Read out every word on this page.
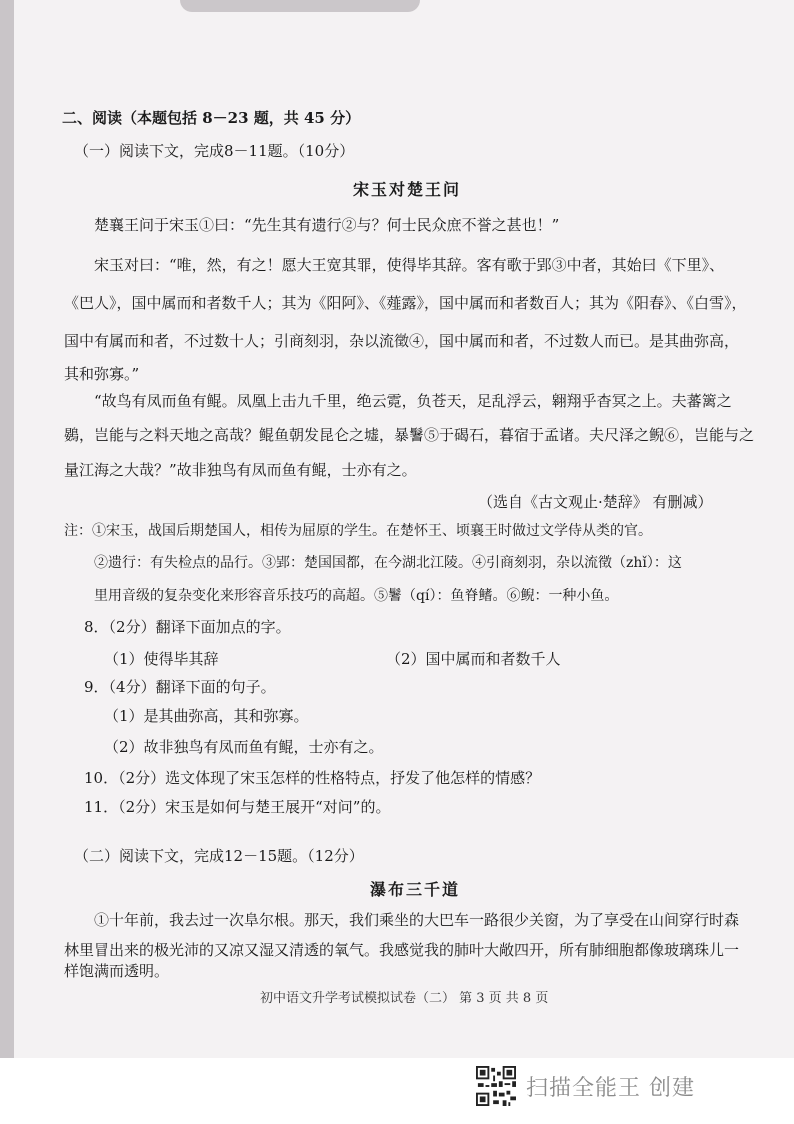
二、阅读（本题包括 8－23 题，共 45 分）
（一）阅读下文，完成8－11题。（10分）
宋玉对楚王问
楚襄王问于宋玉①曰：“先生其有遗行②与？何士民众庶不誉之甚也！”
宋玉对曰：“唯，然，有之！愿大王宽其罪，使得毕其辞。客有歌于郢③中者，其始曰《下里》、
《巴人》，国中属而和者数千人；其为《阳阿》、《薤露》，国中属而和者数百人；其为《阳春》、《白雪》，
国中有属而和者，不过数十人；引商刻羽，杂以流徵④，国中属而和者，不过数人而已。是其曲弥高，
其和弥寡。”
“故鸟有凤而鱼有鲲。凤凰上击九千里，绝云霓，负苍天，足乱浮云，翱翔乎杳冥之上。夫蕃篱之
鷃，岂能与之料天地之高哉？鲲鱼朝发昆仑之墟，暴鬐⑤于碣石，暮宿于孟诸。夫尺泽之鲵⑥，岂能与之
量江海之大哉？”故非独鸟有凤而鱼有鲲，士亦有之。
（选自《古文观止·楚辞》 有删减）
注：①宋玉，战国后期楚国人，相传为屈原的学生。在楚怀王、顷襄王时做过文学侍从类的官。
②遗行：有失检点的品行。③郢：楚国国都，在今湖北江陵。④引商刻羽，杂以流徵（zhǐ）：这
里用音级的复杂变化来形容音乐技巧的高超。⑤鬐（qí）：鱼脊鳍。⑥鲵：一种小鱼。
8．（2分）翻译下面加点的字。
（1）使得毕其辞	（2）国中属而和者数千人
9．（4分）翻译下面的句子。
（1）是其曲弥高，其和弥寡。
（2）故非独鸟有凤而鱼有鲲，士亦有之。
10．（2分）选文体现了宋玉怎样的性格特点，抒发了他怎样的情感？
11．（2分）宋玉是如何与楚王展开“对问”的。
（二）阅读下文，完成12－15题。（12分）
瀑布三千道
①十年前，我去过一次阜尔根。那天，我们乘坐的大巴车一路很少关窗，为了享受在山间穿行时森
林里冒出来的极光沛的又凉又湿又清透的氧气。我感觉我的肺叶大敞四开，所有肺细胞都像玻璃珠儿一
样饱满而透明。
初中语文升学考试模拟试卷（二） 第 3 页 共 8 页
扫描全能王 创建
